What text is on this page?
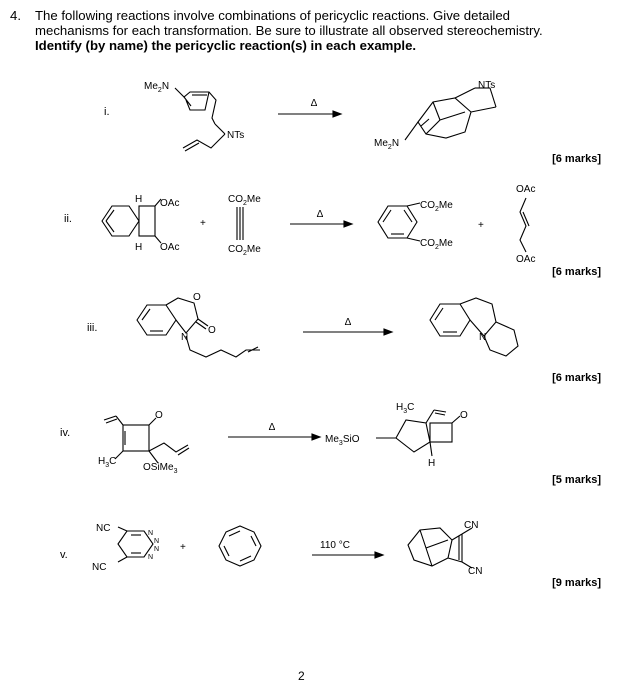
4. The following reactions involve combinations of pericyclic reactions. Give detailed
mechanisms for each transformation. Be sure to illustrate all observed stereochemistry.
Identify (by name) the pericyclic reaction(s) in each example.
i.
ii.
iii.
iv.
v.
[6 marks]
[6 marks]
[6 marks]
[5 marks]
[9 marks]
$Me_2N$
NTs
Δ
NTs
$Me_2N$
H
H
OAc
OAc
+
$CO_2Me$
$CO_2Me$
Δ
$CO_2Me$
$CO_2Me$
+
OAc
OAc
O
O
N
Δ
N
O
$H_3C$
OSiMe$_3$
Δ
$H_3C$
$Me_3SiO$
O
H
NC
NC
N
N
N
N
+	110 °C
CN
CN
2
